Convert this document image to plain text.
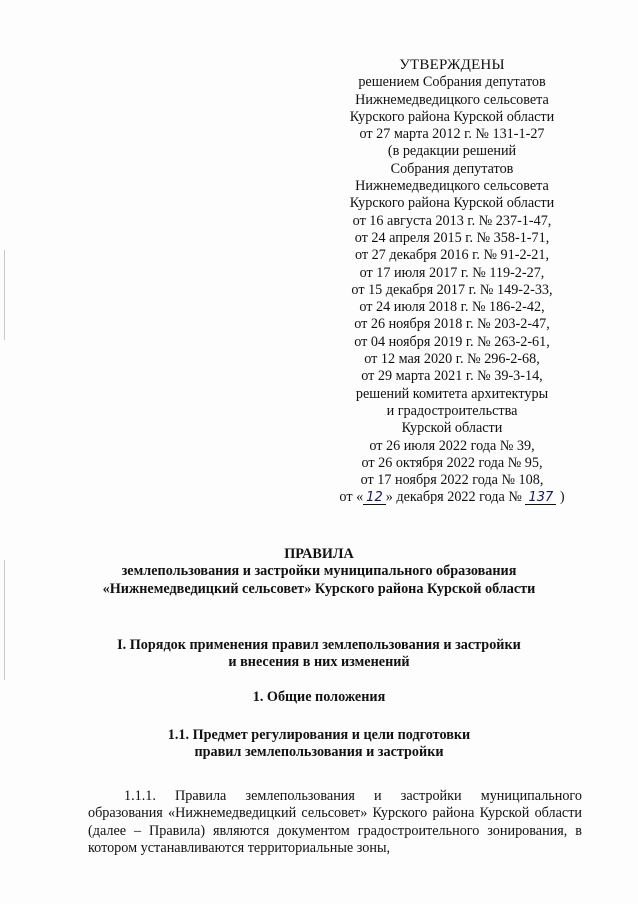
УТВЕРЖДЕНЫ
решением Собрания депутатов
Нижнемедведицкого сельсовета
Курского района Курской области
от 27 марта 2012 г. № 131-1-27
(в редакции решений
Собрания депутатов
Нижнемедведицкого сельсовета
Курского района Курской области
от 16 августа 2013 г. № 237-1-47,
от 24 апреля 2015 г. № 358-1-71,
от 27 декабря 2016 г. № 91-2-21,
от 17 июля 2017 г. № 119-2-27,
от 15 декабря 2017 г. № 149-2-33,
от 24 июля 2018 г. № 186-2-42,
от 26 ноября 2018 г. № 203-2-47,
от 04 ноября 2019 г. № 263-2-61,
от 12 мая 2020 г. № 296-2-68,
от 29 марта 2021 г. № 39-3-14,
решений комитета архитектуры
и градостроительства
Курской области
от 26 июля 2022 года № 39,
от 26 октября 2022 года № 95,
от 17 ноября 2022 года № 108,
от « 12 » декабря 2022 года № 137 )
ПРАВИЛА
землепользования и застройки муниципального образования
«Нижнемедведицкий сельсовет» Курского района Курской области
I. Порядок применения правил землепользования и застройки
и внесения в них изменений
1. Общие положения
1.1. Предмет регулирования и цели подготовки
правил землепользования и застройки
1.1.1. Правила землепользования и застройки муниципального образования «Нижнемедведицкий сельсовет» Курского района Курской области (далее – Правила) являются документом градостроительного зонирования, в котором устанавливаются территориальные зоны,
